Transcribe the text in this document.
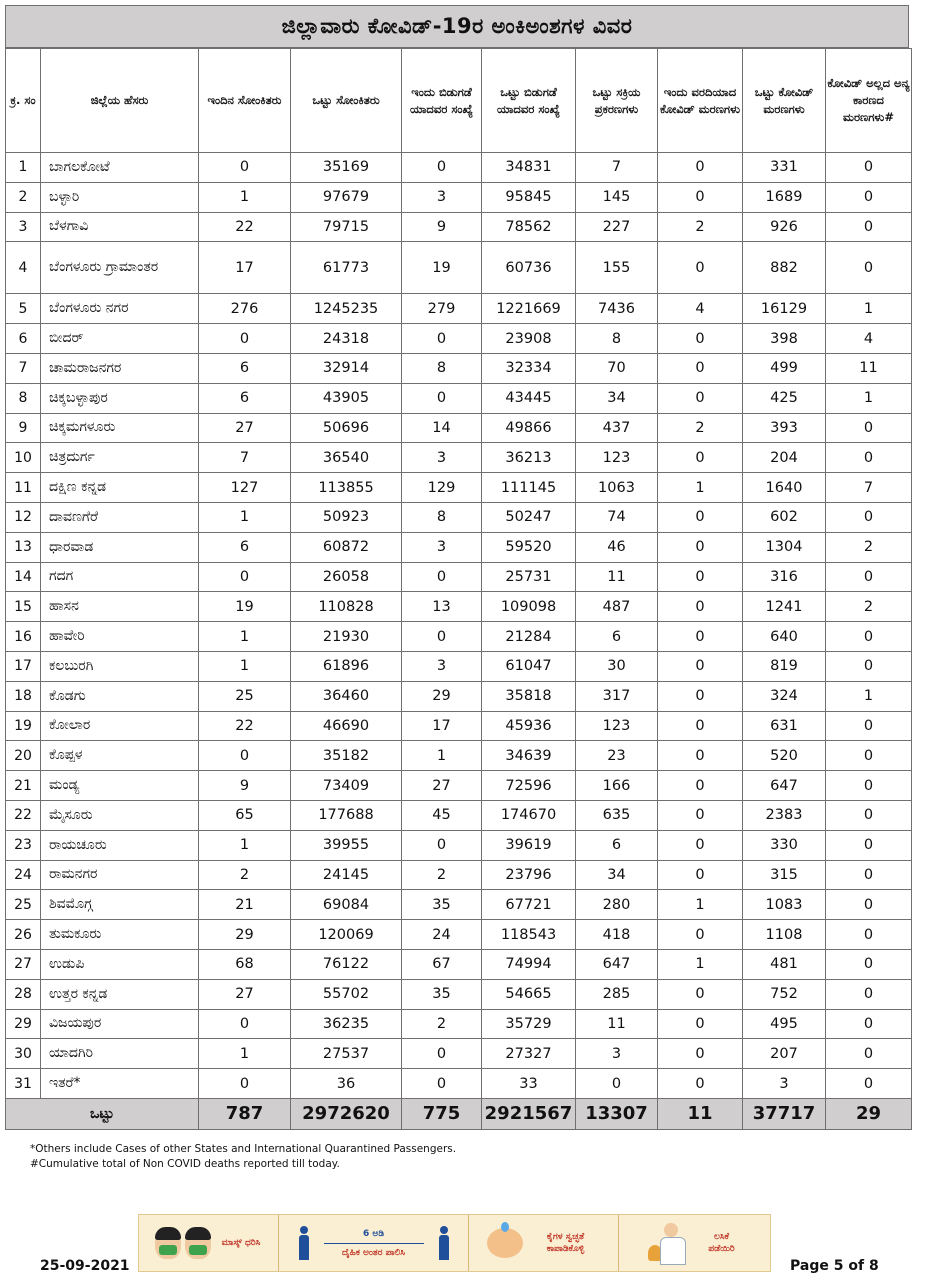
ಜಿಲ್ಲಾವಾರು ಕೋವಿಡ್-19ರ ಅಂಕಿಅಂಶಗಳ ವಿವರ
ಕ್ರ. ಸಂ	ಜಿಲ್ಲೆಯ ಹೆಸರು	ಇಂದಿನ ಸೋಂಕಿತರು	ಒಟ್ಟು ಸೋಂಕಿತರು	ಇಂದು ಬಿಡುಗಡೆ ಯಾದವರ ಸಂಖ್ಯೆ	ಒಟ್ಟು ಬಿಡುಗಡೆ ಯಾದವರ ಸಂಖ್ಯೆ	ಒಟ್ಟು ಸಕ್ರಿಯ ಪ್ರಕರಣಗಳು	ಇಂದು ವರದಿಯಾದ ಕೋವಿಡ್ ಮರಣಗಳು	ಒಟ್ಟು ಕೋವಿಡ್ ಮರಣಗಳು	ಕೋವಿಡ್ ಅಲ್ಲದ ಅನ್ಯ ಕಾರಣದ ಮರಣಗಳು#
1	ಬಾಗಲಕೋಟೆ	0	35169	0	34831	7	0	331	0
2	ಬಳ್ಳಾರಿ	1	97679	3	95845	145	0	1689	0
3	ಬೆಳಗಾವಿ	22	79715	9	78562	227	2	926	0
4	ಬೆಂಗಳೂರು ಗ್ರಾಮಾಂತರ	17	61773	19	60736	155	0	882	0
5	ಬೆಂಗಳೂರು ನಗರ	276	1245235	279	1221669	7436	4	16129	1
6	ಬೀದರ್	0	24318	0	23908	8	0	398	4
7	ಚಾಮರಾಜನಗರ	6	32914	8	32334	70	0	499	11
8	ಚಿಕ್ಕಬಳ್ಳಾಪುರ	6	43905	0	43445	34	0	425	1
9	ಚಿಕ್ಕಮಗಳೂರು	27	50696	14	49866	437	2	393	0
10	ಚಿತ್ರದುರ್ಗ	7	36540	3	36213	123	0	204	0
11	ದಕ್ಷಿಣ ಕನ್ನಡ	127	113855	129	111145	1063	1	1640	7
12	ದಾವಣಗೆರೆ	1	50923	8	50247	74	0	602	0
13	ಧಾರವಾಡ	6	60872	3	59520	46	0	1304	2
14	ಗದಗ	0	26058	0	25731	11	0	316	0
15	ಹಾಸನ	19	110828	13	109098	487	0	1241	2
16	ಹಾವೇರಿ	1	21930	0	21284	6	0	640	0
17	ಕಲಬುರಗಿ	1	61896	3	61047	30	0	819	0
18	ಕೊಡಗು	25	36460	29	35818	317	0	324	1
19	ಕೋಲಾರ	22	46690	17	45936	123	0	631	0
20	ಕೊಪ್ಪಳ	0	35182	1	34639	23	0	520	0
21	ಮಂಡ್ಯ	9	73409	27	72596	166	0	647	0
22	ಮೈಸೂರು	65	177688	45	174670	635	0	2383	0
23	ರಾಯಚೂರು	1	39955	0	39619	6	0	330	0
24	ರಾಮನಗರ	2	24145	2	23796	34	0	315	0
25	ಶಿವಮೊಗ್ಗ	21	69084	35	67721	280	1	1083	0
26	ತುಮಕೂರು	29	120069	24	118543	418	0	1108	0
27	ಉಡುಪಿ	68	76122	67	74994	647	1	481	0
28	ಉತ್ತರ ಕನ್ನಡ	27	55702	35	54665	285	0	752	0
29	ವಿಜಯಪುರ	0	36235	2	35729	11	0	495	0
30	ಯಾದಗಿರಿ	1	27537	0	27327	3	0	207	0
31	ಇತರೆ*	0	36	0	33	0	0	3	0
ಒಟ್ಟು		787	2972620	775	2921567	13307	11	37717	29
*Others include Cases of other States and International Quarantined Passengers.
#Cumulative total of Non COVID deaths reported till today.
ಮಾಸ್ಕ್ ಧರಿಸಿ
6 ಅಡಿ
ದೈಹಿಕ ಅಂತರ ಪಾಲಿಸಿ
ಕೈಗಳ ಸ್ವಚ್ಛತೆ ಕಾಪಾಡಿಕೊಳ್ಳಿ
ಲಸಿಕೆ ಪಡೆಯಿರಿ
25-09-2021	Page 5 of 8
